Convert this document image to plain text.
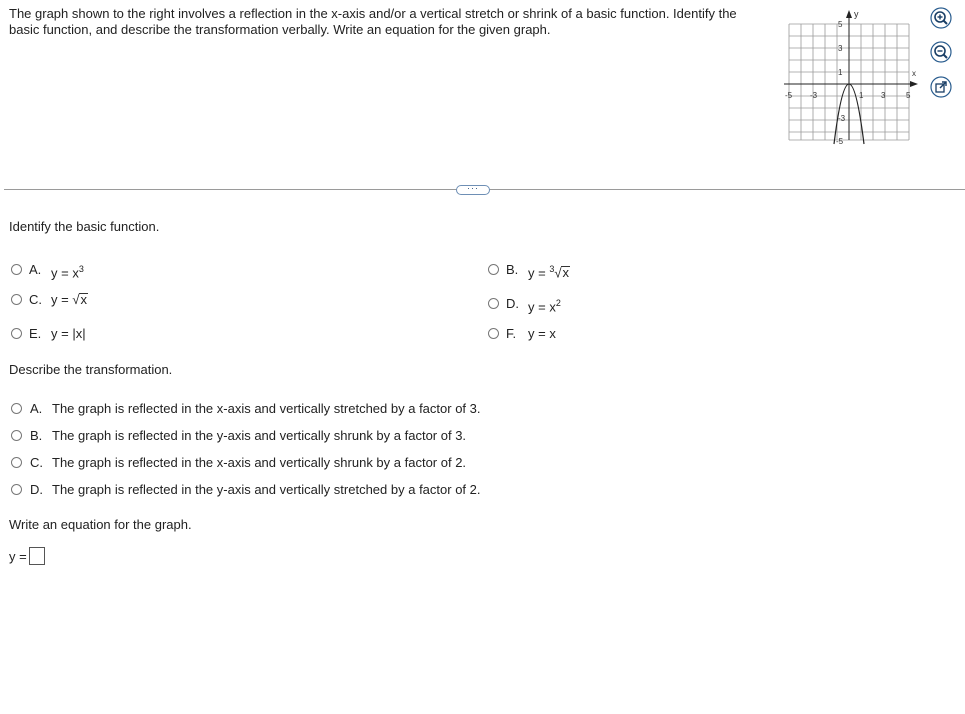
The graph shown to the right involves a reflection in the x-axis and/or a vertical stretch or shrink of a basic function. Identify the basic function, and describe the transformation verbally. Write an equation for the given graph.
x
y
-5 -3	3	5
1
5
3
1
-3
-5
···
Identify the basic function.
A. $y = x^3$	B. y = $^3$√x
C. y = √x	D. $y = x^2$
E. y = |x|	F. y = x
Describe the transformation.
A. The graph is reflected in the x-axis and vertically stretched by a factor of 3.
B. The graph is reflected in the y-axis and vertically shrunk by a factor of 3.
C. The graph is reflected in the x-axis and vertically shrunk by a factor of 2.
D. The graph is reflected in the y-axis and vertically stretched by a factor of 2.
Write an equation for the graph.
y =
